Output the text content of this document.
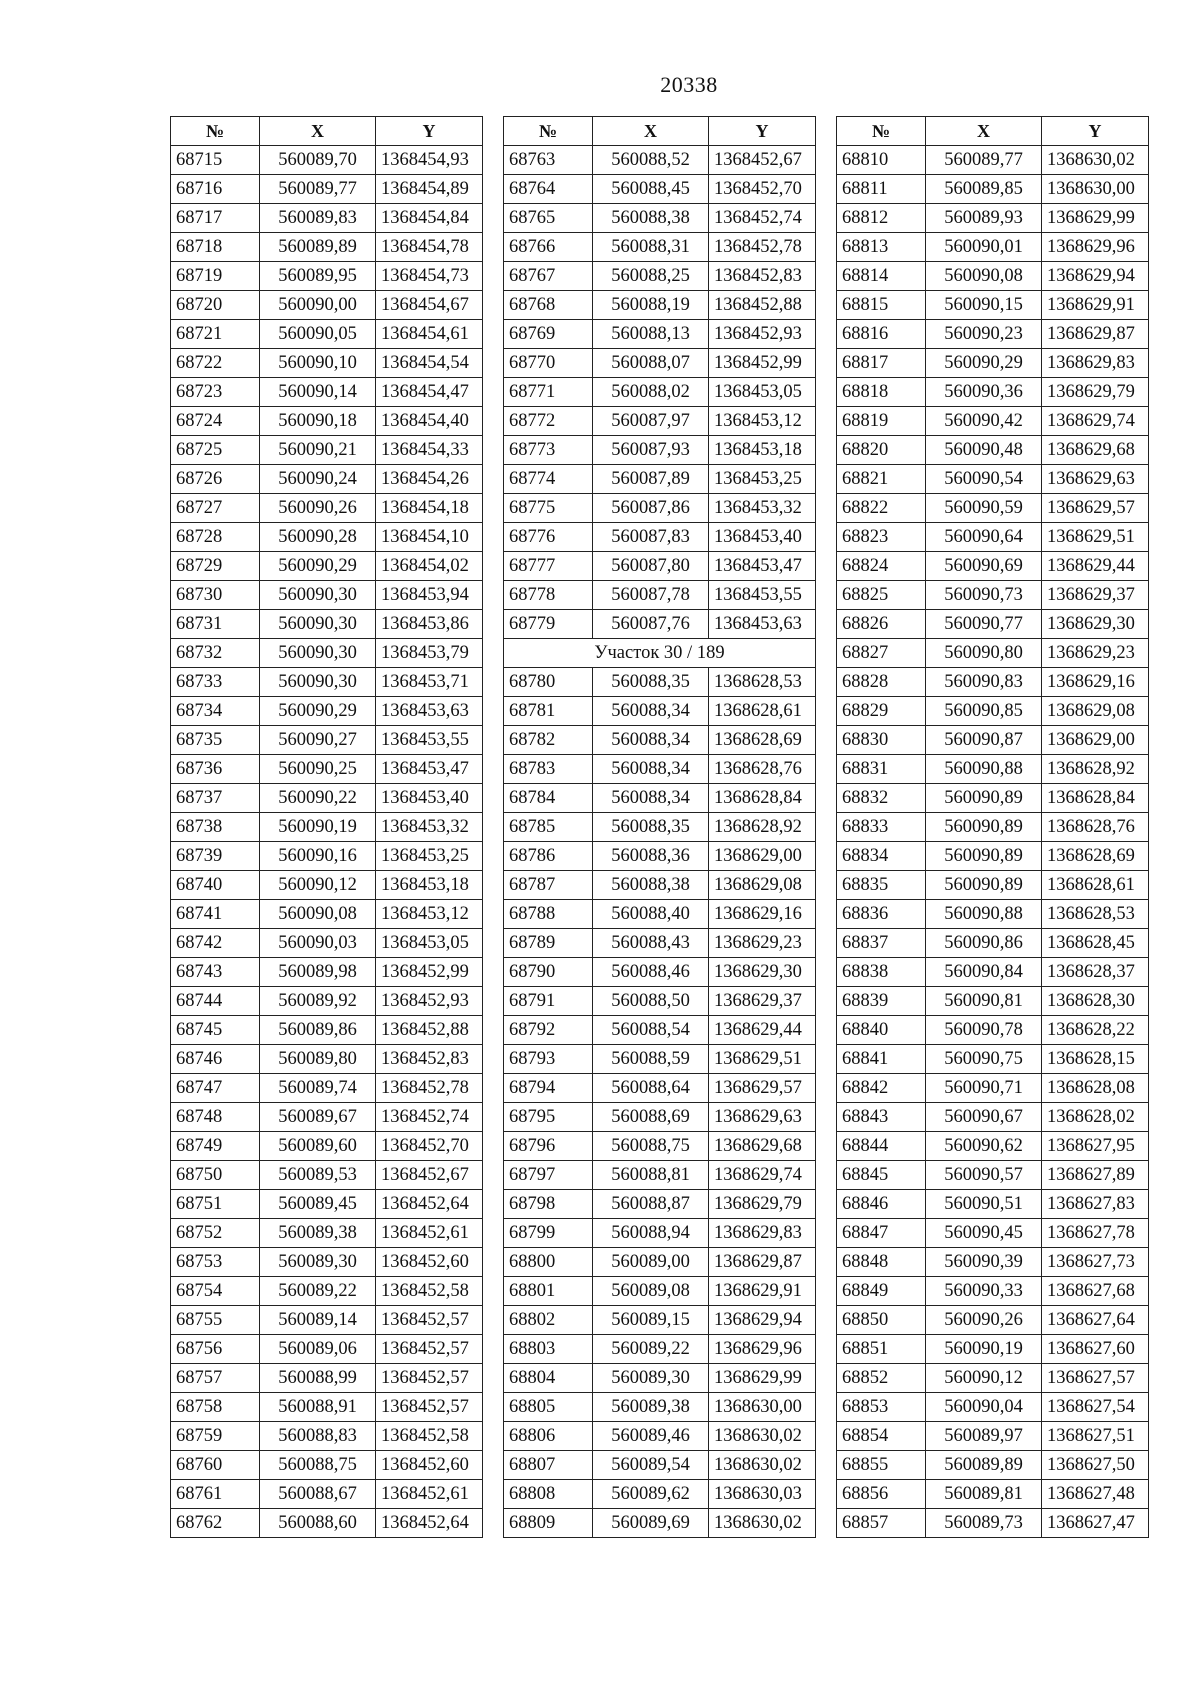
20338
№	X	Y
68715	560089,70	1368454,93
68716	560089,77	1368454,89
68717	560089,83	1368454,84
68718	560089,89	1368454,78
68719	560089,95	1368454,73
68720	560090,00	1368454,67
68721	560090,05	1368454,61
68722	560090,10	1368454,54
68723	560090,14	1368454,47
68724	560090,18	1368454,40
68725	560090,21	1368454,33
68726	560090,24	1368454,26
68727	560090,26	1368454,18
68728	560090,28	1368454,10
68729	560090,29	1368454,02
68730	560090,30	1368453,94
68731	560090,30	1368453,86
68732	560090,30	1368453,79
68733	560090,30	1368453,71
68734	560090,29	1368453,63
68735	560090,27	1368453,55
68736	560090,25	1368453,47
68737	560090,22	1368453,40
68738	560090,19	1368453,32
68739	560090,16	1368453,25
68740	560090,12	1368453,18
68741	560090,08	1368453,12
68742	560090,03	1368453,05
68743	560089,98	1368452,99
68744	560089,92	1368452,93
68745	560089,86	1368452,88
68746	560089,80	1368452,83
68747	560089,74	1368452,78
68748	560089,67	1368452,74
68749	560089,60	1368452,70
68750	560089,53	1368452,67
68751	560089,45	1368452,64
68752	560089,38	1368452,61
68753	560089,30	1368452,60
68754	560089,22	1368452,58
68755	560089,14	1368452,57
68756	560089,06	1368452,57
68757	560088,99	1368452,57
68758	560088,91	1368452,57
68759	560088,83	1368452,58
68760	560088,75	1368452,60
68761	560088,67	1368452,61
68762	560088,60	1368452,64
№	X	Y
68763	560088,52	1368452,67
68764	560088,45	1368452,70
68765	560088,38	1368452,74
68766	560088,31	1368452,78
68767	560088,25	1368452,83
68768	560088,19	1368452,88
68769	560088,13	1368452,93
68770	560088,07	1368452,99
68771	560088,02	1368453,05
68772	560087,97	1368453,12
68773	560087,93	1368453,18
68774	560087,89	1368453,25
68775	560087,86	1368453,32
68776	560087,83	1368453,40
68777	560087,80	1368453,47
68778	560087,78	1368453,55
68779	560087,76	1368453,63
Участок 30 / 189		
68780	560088,35	1368628,53
68781	560088,34	1368628,61
68782	560088,34	1368628,69
68783	560088,34	1368628,76
68784	560088,34	1368628,84
68785	560088,35	1368628,92
68786	560088,36	1368629,00
68787	560088,38	1368629,08
68788	560088,40	1368629,16
68789	560088,43	1368629,23
68790	560088,46	1368629,30
68791	560088,50	1368629,37
68792	560088,54	1368629,44
68793	560088,59	1368629,51
68794	560088,64	1368629,57
68795	560088,69	1368629,63
68796	560088,75	1368629,68
68797	560088,81	1368629,74
68798	560088,87	1368629,79
68799	560088,94	1368629,83
68800	560089,00	1368629,87
68801	560089,08	1368629,91
68802	560089,15	1368629,94
68803	560089,22	1368629,96
68804	560089,30	1368629,99
68805	560089,38	1368630,00
68806	560089,46	1368630,02
68807	560089,54	1368630,02
68808	560089,62	1368630,03
68809	560089,69	1368630,02
№	X	Y
68810	560089,77	1368630,02
68811	560089,85	1368630,00
68812	560089,93	1368629,99
68813	560090,01	1368629,96
68814	560090,08	1368629,94
68815	560090,15	1368629,91
68816	560090,23	1368629,87
68817	560090,29	1368629,83
68818	560090,36	1368629,79
68819	560090,42	1368629,74
68820	560090,48	1368629,68
68821	560090,54	1368629,63
68822	560090,59	1368629,57
68823	560090,64	1368629,51
68824	560090,69	1368629,44
68825	560090,73	1368629,37
68826	560090,77	1368629,30
68827	560090,80	1368629,23
68828	560090,83	1368629,16
68829	560090,85	1368629,08
68830	560090,87	1368629,00
68831	560090,88	1368628,92
68832	560090,89	1368628,84
68833	560090,89	1368628,76
68834	560090,89	1368628,69
68835	560090,89	1368628,61
68836	560090,88	1368628,53
68837	560090,86	1368628,45
68838	560090,84	1368628,37
68839	560090,81	1368628,30
68840	560090,78	1368628,22
68841	560090,75	1368628,15
68842	560090,71	1368628,08
68843	560090,67	1368628,02
68844	560090,62	1368627,95
68845	560090,57	1368627,89
68846	560090,51	1368627,83
68847	560090,45	1368627,78
68848	560090,39	1368627,73
68849	560090,33	1368627,68
68850	560090,26	1368627,64
68851	560090,19	1368627,60
68852	560090,12	1368627,57
68853	560090,04	1368627,54
68854	560089,97	1368627,51
68855	560089,89	1368627,50
68856	560089,81	1368627,48
68857	560089,73	1368627,47
